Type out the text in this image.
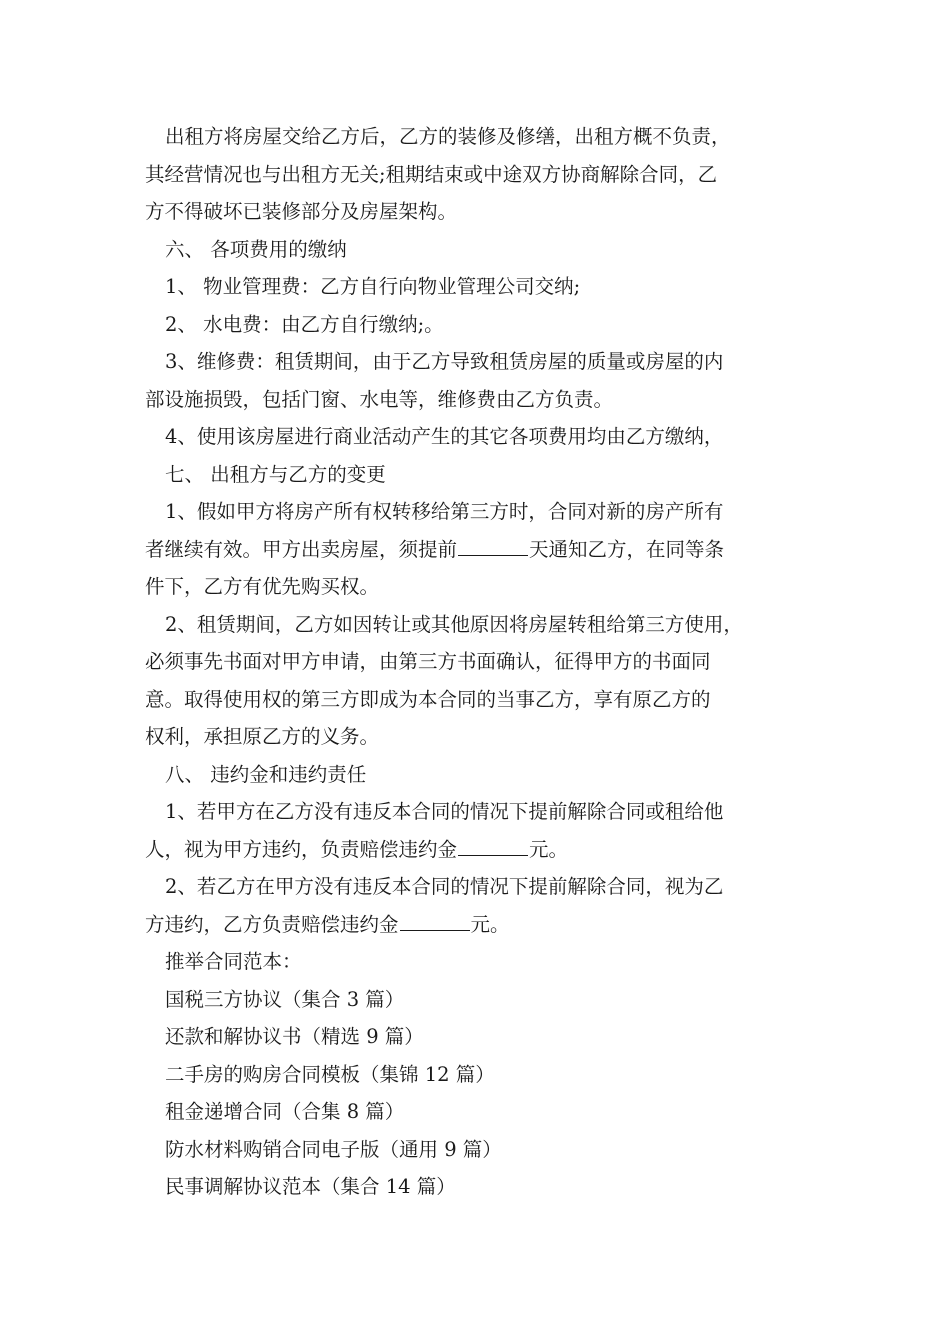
出租方将房屋交给乙方后，乙方的装修及修缮，出租方概不负责，
其经营情况也与出租方无关;租期结束或中途双方协商解除合同，乙
方不得破坏已装修部分及房屋架构。

六、 各项费用的缴纳

1、 物业管理费：乙方自行向物业管理公司交纳;

2、 水电费：由乙方自行缴纳;。

3、维修费：租赁期间，由于乙方导致租赁房屋的质量或房屋的内
部设施损毁，包括门窗、水电等，维修费由乙方负责。

4、使用该房屋进行商业活动产生的其它各项费用均由乙方缴纳，

七、 出租方与乙方的变更

1、假如甲方将房产所有权转移给第三方时，合同对新的房产所有
者继续有效。甲方出卖房屋，须提前	天通知乙方，在同等条
件下，乙方有优先购买权。

2、租赁期间，乙方如因转让或其他原因将房屋转租给第三方使用，
必须事先书面对甲方申请，由第三方书面确认，征得甲方的书面同
意。取得使用权的第三方即成为本合同的当事乙方，享有原乙方的
权利，承担原乙方的义务。

八、 违约金和违约责任

1、若甲方在乙方没有违反本合同的情况下提前解除合同或租给他
人，视为甲方违约，负责赔偿违约金	元。

2、若乙方在甲方没有违反本合同的情况下提前解除合同，视为乙
方违约，乙方负责赔偿违约金	元。

推举合同范本：

国税三方协议（集合 3 篇）
还款和解协议书（精选 9 篇）
二手房的购房合同模板（集锦 12 篇）
租金递增合同（合集 8 篇）
防水材料购销合同电子版（通用 9 篇）
民事调解协议范本（集合 14 篇）
